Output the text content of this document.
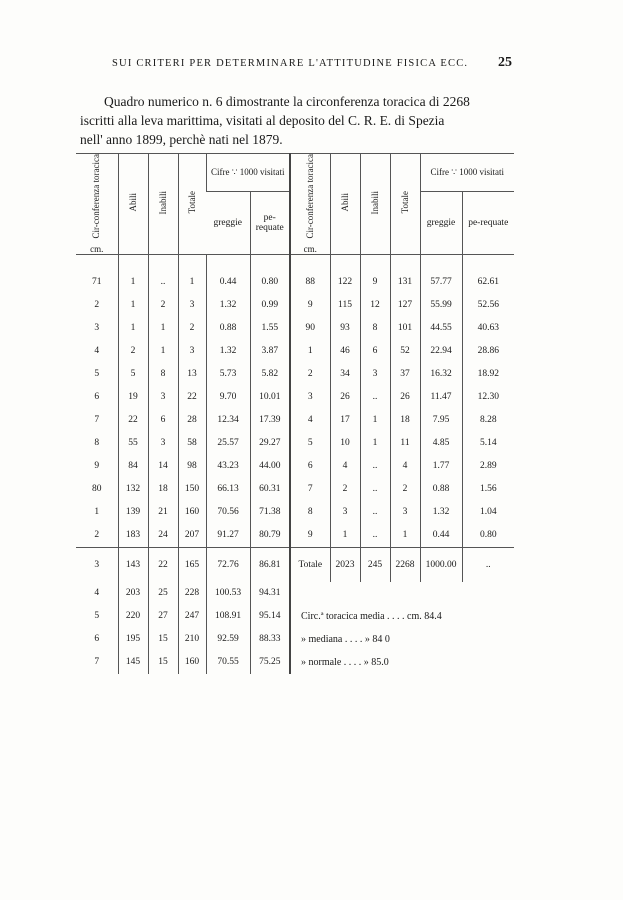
SUI CRITERI PER DETERMINARE L'ATTITUDINE FISICA ECC. 25
Quadro numerico n. 6 dimostrante la circonferenza toracica di 2268
iscritti alla leva marittima, visitati al deposito del C. R. E. di Spezia
nell' anno 1899, perchè nati nel 1879.
Cir-conferenza toracica
cm.	Abili	Inabili	Totale	Cifre ∵ 1000 visitati		Cir-conferenza toracica
cm.	Abili	Inabili	Totale	Cifre ∵ 1000 visitati	
				greggie	pe-requate					greggie	pe-requate

71	1	..	1	0.44	0.80	88	122	9	131	57.77	62.61
2	1	2	3	1.32	0.99	9	115	12	127	55.99	52.56
3	1	1	2	0.88	1.55	90	93	8	101	44.55	40.63
4	2	1	3	1.32	3.87	1	46	6	52	22.94	28.86
5	5	8	13	5.73	5.82	2	34	3	37	16.32	18.92
6	19	3	22	9.70	10.01	3	26	..	26	11.47	12.30
7	22	6	28	12.34	17.39	4	17	1	18	7.95	8.28
8	55	3	58	25.57	29.27	5	10	1	11	4.85	5.14
9	84	14	98	43.23	44.00	6	4	..	4	1.77	2.89
80	132	18	150	66.13	60.31	7	2	..	2	0.88	1.56
1	139	21	160	70.56	71.38	8	3	..	3	1.32	1.04
2	183	24	207	91.27	80.79	9	1	..	1	0.44	0.80
3	143	22	165	72.76	86.81	Totale	2023	245	2268	1000.00	..
4	203	25	228	100.53	94.31						
5	220	27	247	108.91	95.14	Circ.ª toracica media . . . . cm. 84.4					
6	195	15	210	92.59	88.33	» mediana . . . . » 84 0					
7	145	15	160	70.55	75.25	» normale . . . . » 85.0					
